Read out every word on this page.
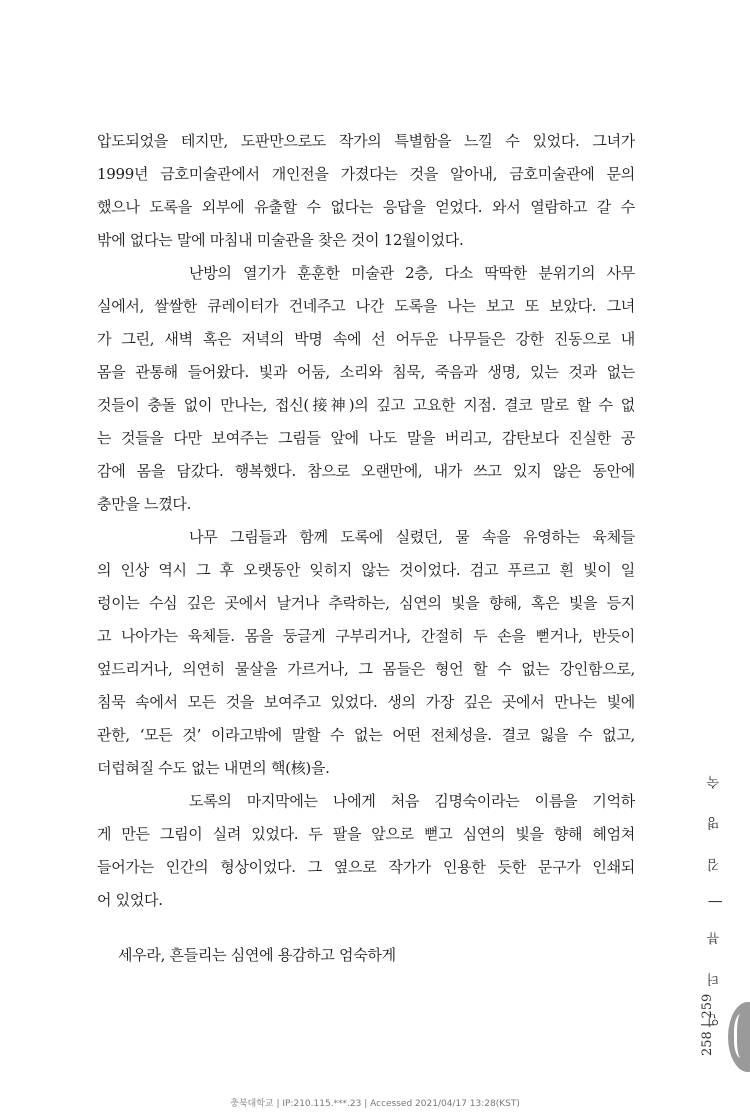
압도되었을 테지만, 도판만으로도 작가의 특별함을 느낄 수 있었다. 그녀가
1999년 금호미술관에서 개인전을 가졌다는 것을 알아내, 금호미술관에 문의
했으나 도록을 외부에 유출할 수 없다는 응답을 얻었다. 와서 열람하고 갈 수
밖에 없다는 말에 마침내 미술관을 찾은 것이 12월이었다.
난방의 열기가 훈훈한 미술관 2층, 다소 딱딱한 분위기의 사무
실에서, 쌀쌀한 큐레이터가 건네주고 나간 도록을 나는 보고 또 보았다. 그녀
가 그린, 새벽 혹은 저녁의 박명 속에 선 어두운 나무들은 강한 진동으로 내
몸을 관통해 들어왔다. 빛과 어둠, 소리와 침묵, 죽음과 생명, 있는 것과 없는
것들이 충돌 없이 만나는, 접신(接神)의 깊고 고요한 지점. 결코 말로 할 수 없
는 것들을 다만 보여주는 그림들 앞에 나도 말을 버리고, 감탄보다 진실한 공
감에 몸을 담갔다. 행복했다. 참으로 오랜만에, 내가 쓰고 있지 않은 동안에
충만을 느꼈다.
나무 그림들과 함께 도록에 실렸던, 물 속을 유영하는 육체들
의 인상 역시 그 후 오랫동안 잊히지 않는 것이었다. 검고 푸르고 흰 빛이 일
렁이는 수심 깊은 곳에서 날거나 추락하는, 심연의 빛을 향해, 혹은 빛을 등지
고 나아가는 육체들. 몸을 둥글게 구부리거나, 간절히 두 손을 뻗거나, 반듯이
엎드리거나, 의연히 물살을 가르거나, 그 몸들은 형언 할 수 없는 강인함으로,
침묵 속에서 모든 것을 보여주고 있었다. 생의 가장 깊은 곳에서 만나는 빛에
관한, ‘모든 것’ 이라고밖에 말할 수 없는 어떤 전체성을. 결코 잃을 수 없고,
더럽혀질 수도 없는 내면의 핵(核)을.
도록의 마지막에는 나에게 처음 김명숙이라는 이름을 기억하
게 만든 그림이 실려 있었다. 두 팔을 앞으로 뻗고 심연의 빛을 향해 헤엄쳐
들어가는 인간의 형상이었다. 그 옆으로 작가가 인용한 듯한 문구가 인쇄되
어 있었다.
세우라, 흔들리는 심연에 용감하고 엄숙하게	인 터 뷰 | 김 명 숙
258 | 259
충북대학교 | IP:210.115.***.23 | Accessed 2021/04/17 13:28(KST)
